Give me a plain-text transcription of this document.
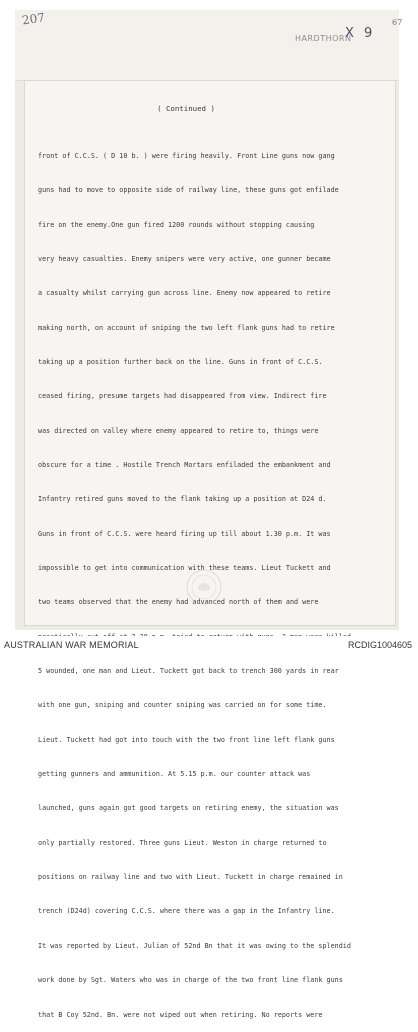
207
HARDTHORN
X 9
67
( Continued )

front of C.C.S. ( D 10 b. ) were firing heavily. Front Line guns now gang

guns had to move to opposite side of railway line, these guns got enfilade

fire on the enemy.One gun fired 1200 rounds without stopping causing

very heavy casualties. Enemy snipers were very active, one gunner became

a casualty whilst carrying gun across line. Enemy now appeared to retire

making north, on account of sniping the two left flank guns had to retire

taking up a position further back on the line. Guns in front of C.C.S.

ceased firing, presume targets had disappeared from view. Indirect fire

was directed on valley where enemy appeared to retire to, things were

obscure for a time . Hostile Trench Mortars enfiladed the embankment and

Infantry retired guns moved to the flank taking up a position at D24 d.

Guns in front of C.C.S. were heard firing up till about 1.30 p.m. It was

impossible to get into communication with these teams. Lieut Tuckett and

two teams observed that the enemy had advanced north of them and were

5 wounded, one man and Lieut. Tuckett got back to trench 300 yards in rear

with one gun, sniping and counter sniping was carried on for some time.

Lieut. Tuckett had got into touch with the two front line left flank guns

getting gunners and ammunition. At 5.15 p.m. our counter attack was

launched, guns again got good targets on retiring enemy, the situation was

only partially restored. Three guns Lieut. Weston in charge returned to

positions on railway line and two with Lieut. Tuckett in charge remained in

trench (D24d) covering C.C.S. where there was a gap in the Infantry line.

It was reported by Lieut. Julian of 52nd Bn that it was owing to the splendid

work done by Sgt. Waters who was in charge of the two front line flank guns

that B Coy 52nd. Bn. were not wiped out when retiring. No reports were

AUSTRALIAN WAR MEMORIAL	RCDIG1004605
